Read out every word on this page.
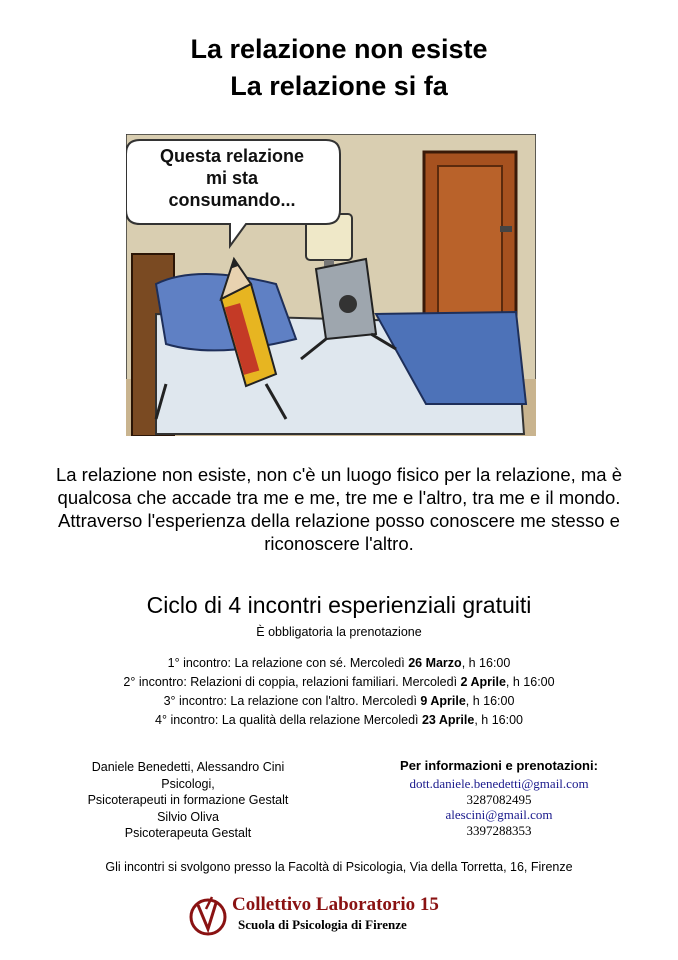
La relazione non esiste
La relazione si fa
Questa relazione
mi sta
consumando...
La relazione non esiste, non c'è un luogo fisico per la relazione, ma è qualcosa che accade tra me e me, tre me e l'altro, tra me e il mondo. Attraverso l'esperienza della relazione posso conoscere me stesso e riconoscere l'altro.
Ciclo di 4 incontri esperienziali gratuiti
È obbligatoria la prenotazione
1° incontro: La relazione con sé. Mercoledì 26 Marzo, h 16:00
2° incontro: Relazioni di coppia, relazioni familiari. Mercoledì 2 Aprile, h 16:00
3° incontro: La relazione con l'altro. Mercoledì 9 Aprile, h 16:00
4° incontro: La qualità della relazione Mercoledì 23 Aprile, h 16:00
Daniele Benedetti, Alessandro Cini
Psicologi,
Psicoterapeuti in formazione Gestalt
Silvio Oliva
Psicoterapeuta Gestalt
Per informazioni e prenotazioni:
dott.daniele.benedetti@gmail.com
3287082495
alescini@gmail.com
3397288353
Gli incontri si svolgono presso la Facoltà di Psicologia, Via della Torretta, 16, Firenze
Collettivo Laboratorio 15
Scuola di Psicologia di Firenze
